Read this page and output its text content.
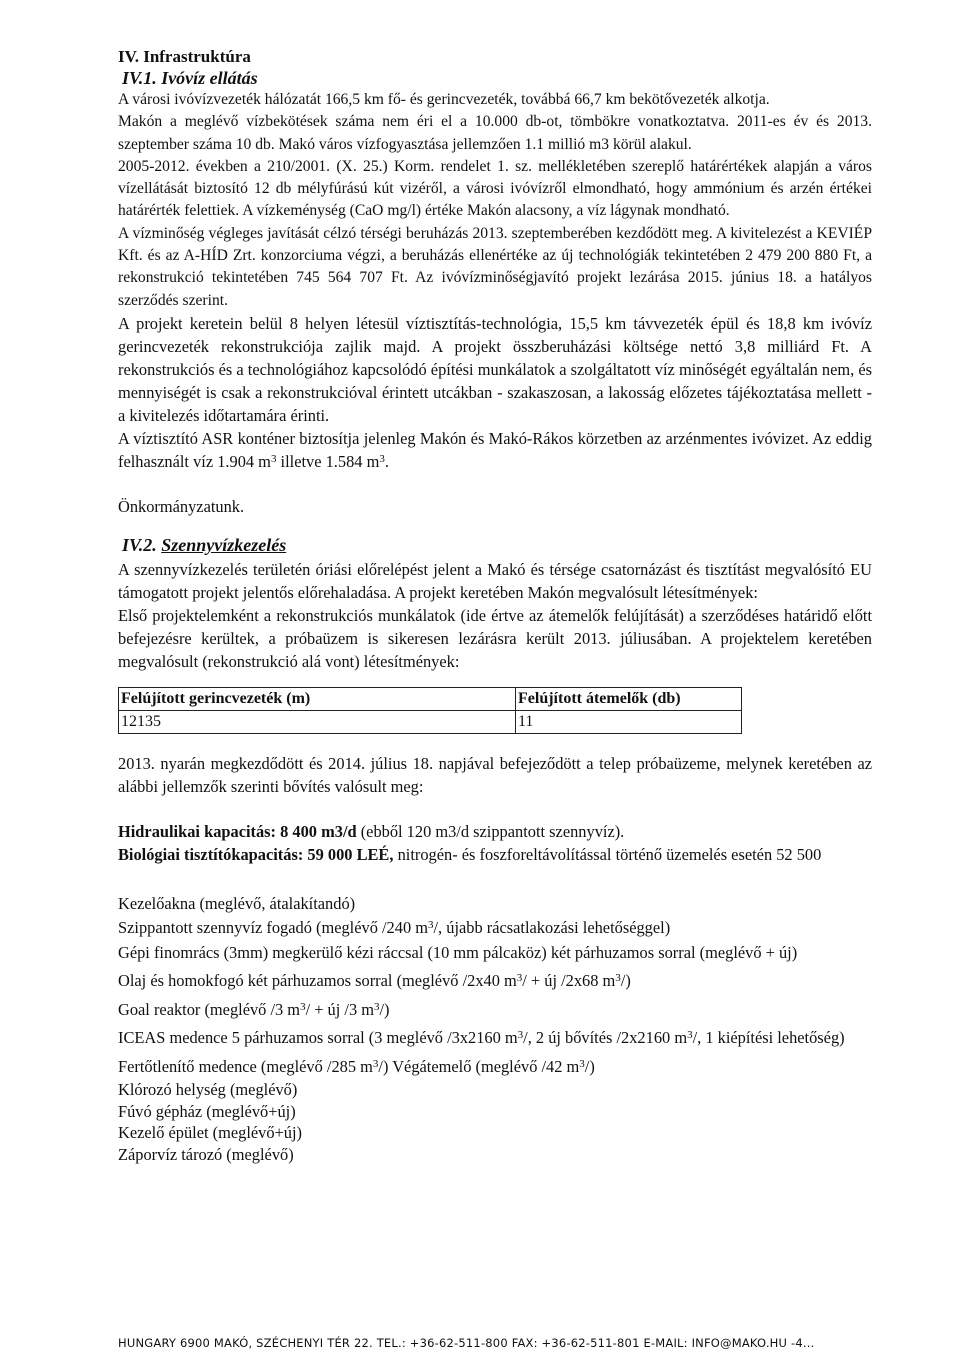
IV. Infrastruktúra
IV.1. Ivóvíz ellátás

A városi ivóvízvezeték hálózatát 166,5 km fő- és gerincvezeték, továbbá 66,7 km bekötővezeték alkotja.

Makón a meglévő vízbekötések száma nem éri el a 10.000 db-ot, tömbökre vonatkoztatva. 2011-es év és 2013. szeptember száma 10 db. Makó város vízfogyasztása jellemzően 1.1 millió m3 körül alakul.

2005-2012. években a 210/2001. (X. 25.) Korm. rendelet 1. sz. mellékletében szereplő határértékek alapján a város vízellátását biztosító 12 db mélyfúrású kút vizéről, a városi ivóvízről elmondható, hogy ammónium és arzén értékei határérték felettiek. A vízkeménység (CaO mg/l) értéke Makón alacsony, a víz lágynak mondható.

A vízminőség végleges javítását célzó térségi beruházás 2013. szeptemberében kezdődött meg. A kivitelezést a KEVIÉP Kft. és az A-HÍD Zrt. konzorciuma végzi, a beruházás ellenértéke az új technológiák tekintetében 2 479 200 880 Ft, a rekonstrukció tekintetében 745 564 707 Ft. Az ivóvízminőségjavító projekt lezárása 2015. június 18. a hatályos szerződés szerint.

A projekt keretein belül 8 helyen létesül víztisztítás-technológia, 15,5 km távvezeték épül és 18,8 km ivóvíz gerincvezeték rekonstrukciója zajlik majd. A projekt összberuházási költsége nettó 3,8 milliárd Ft. A rekonstrukciós és a technológiához kapcsolódó építési munkálatok a szolgáltatott víz minőségét egyáltalán nem, és mennyiségét is csak a rekonstrukcióval érintett utcákban - szakaszosan, a lakosság előzetes tájékoztatása mellett - a kivitelezés időtartamára érinti.

A víztisztító ASR konténer biztosítja jelenleg Makón és Makó-Rákos körzetben az arzénmentes ivóvizet. Az eddig felhasznált víz 1.904 $m^3$ illetve 1.584 $m^3$.

Önkormányzatunk.

IV.2. Szennyvízkezelés

A szennyvízkezelés területén óriási előrelépést jelent a Makó és térsége csatornázást és tisztítást megvalósító EU támogatott projekt jelentős előrehaladása. A projekt keretében Makón megvalósult létesítmények:

Első projektelemként a rekonstrukciós munkálatok (ide értve az átemelők felújítását) a szerződéses határidő előtt befejezésre kerültek, a próbaüzem is sikeresen lezárásra került 2013. júliusában. A projektelem keretében megvalósult (rekonstrukció alá vont) létesítmények:

Felújított gerincvezeték (m)	Felújított átemelők (db)
12135	11

2013. nyarán megkezdődött és 2014. július 18. napjával befejeződött a telep próbaüzeme, melynek keretében az alábbi jellemzők szerinti bővítés valósult meg:

Hidraulikai kapacitás: 8 400 m3/d (ebből 120 m3/d szippantott szennyvíz).

Biológiai tisztítókapacitás: 59 000 LEÉ, nitrogén- és foszforeltávolítással történő üzemelés esetén 52 500

Kezelőakna (meglévő, átalakítandó)

Szippantott szennyvíz fogadó (meglévő /240 $m^3/$, újabb rácsatlakozási lehetőséggel)

Gépi finomrács (3mm) megkerülő kézi ráccsal (10 mm pálcaköz) két párhuzamos sorral (meglévő + új)

Olaj és homokfogó két párhuzamos sorral (meglévő /2x40 $m^3/$ + új /2x68 $m^3/$)

Goal reaktor (meglévő /3 $m^3/$ + új /3 $m^3/$)

ICEAS medence 5 párhuzamos sorral (3 meglévő /3x2160 $m^3/$, 2 új bővítés /2x2160 $m^3/$, 1 kiépítési lehetőség)

Fertőtlenítő medence (meglévő /285 $m^3/$) Végátemelő (meglévő /42 $m^3/$)

Klórozó helység (meglévő)

Fúvó gépház (meglévő+új)

Kezelő épület (meglévő+új)

Záporvíz tározó (meglévő)

HUNGARY 6900 MAKÓ, SZÉCHENYI TÉR 22. TEL.: +36-62-511-800 FAX: +36-62-511-801 E-MAIL: INFO@MAKO.HU -4...
